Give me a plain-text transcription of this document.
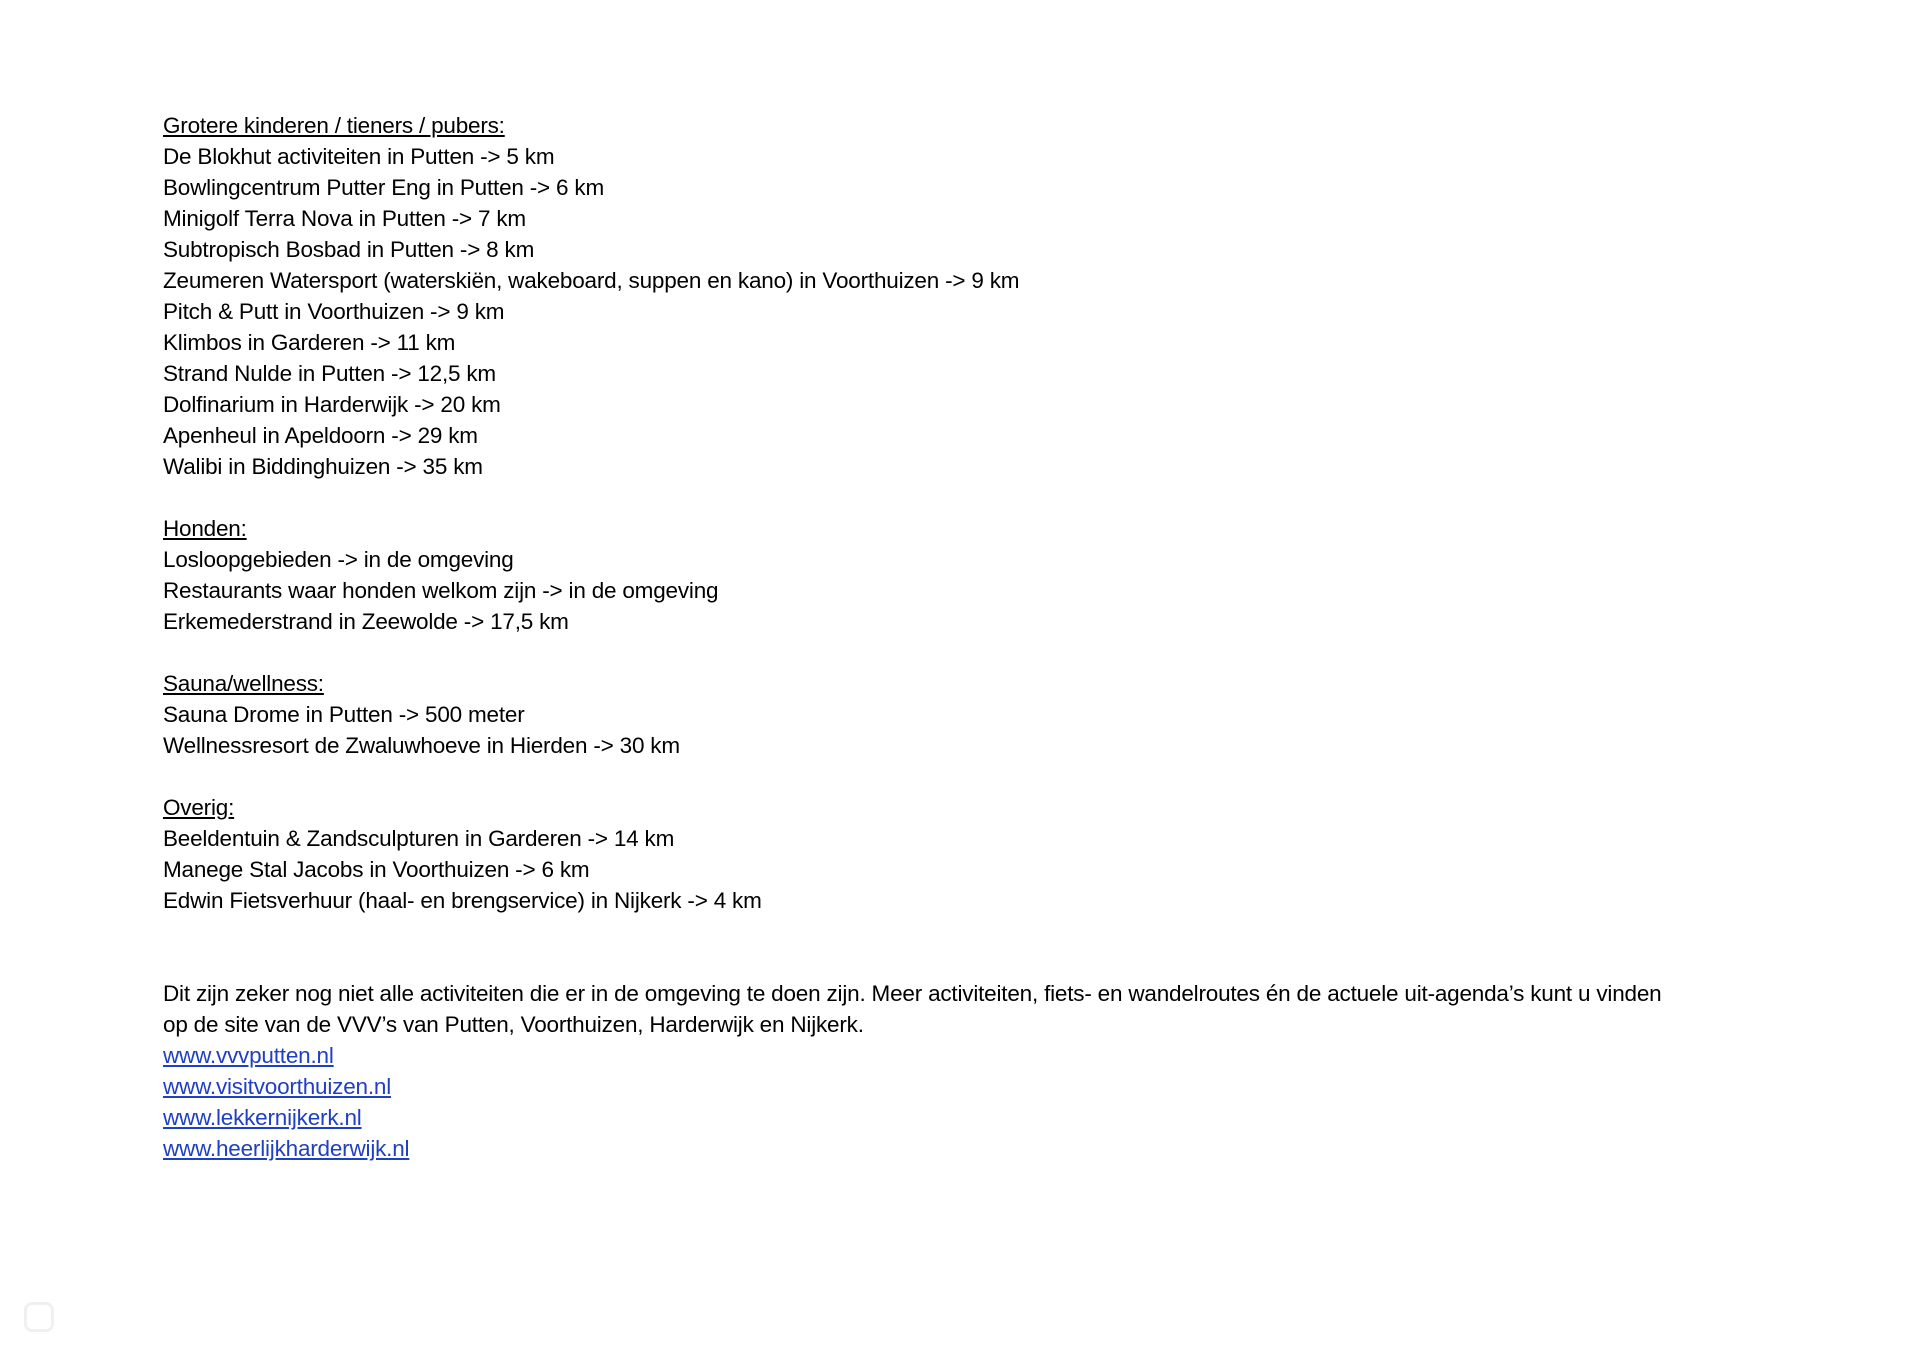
Grotere kinderen / tieners / pubers:
De Blokhut activiteiten in Putten -> 5 km
Bowlingcentrum Putter Eng in Putten -> 6 km
Minigolf Terra Nova in Putten -> 7 km
Subtropisch Bosbad in Putten -> 8 km
Zeumeren Watersport (waterskiën, wakeboard, suppen en kano) in Voorthuizen -> 9 km
Pitch & Putt in Voorthuizen -> 9 km
Klimbos in Garderen -> 11 km
Strand Nulde in Putten -> 12,5 km
Dolfinarium in Harderwijk -> 20 km
Apenheul in Apeldoorn -> 29 km
Walibi in Biddinghuizen -> 35 km
Honden:
Losloopgebieden -> in de omgeving
Restaurants waar honden welkom zijn -> in de omgeving
Erkemederstrand in Zeewolde -> 17,5 km
Sauna/wellness:
Sauna Drome in Putten -> 500 meter
Wellnessresort de Zwaluwhoeve in Hierden -> 30 km
Overig:
Beeldentuin & Zandsculpturen in Garderen -> 14 km
Manege Stal Jacobs in Voorthuizen -> 6 km
Edwin Fietsverhuur (haal- en brengservice) in Nijkerk -> 4 km
Dit zijn zeker nog niet alle activiteiten die er in de omgeving te doen zijn. Meer activiteiten, fiets- en wandelroutes én de actuele uit-agenda’s kunt u vinden
op de site van de VVV’s van Putten, Voorthuizen, Harderwijk en Nijkerk.
www.vvvputten.nl
www.visitvoorthuizen.nl
www.lekkernijkerk.nl
www.heerlijkharderwijk.nl
